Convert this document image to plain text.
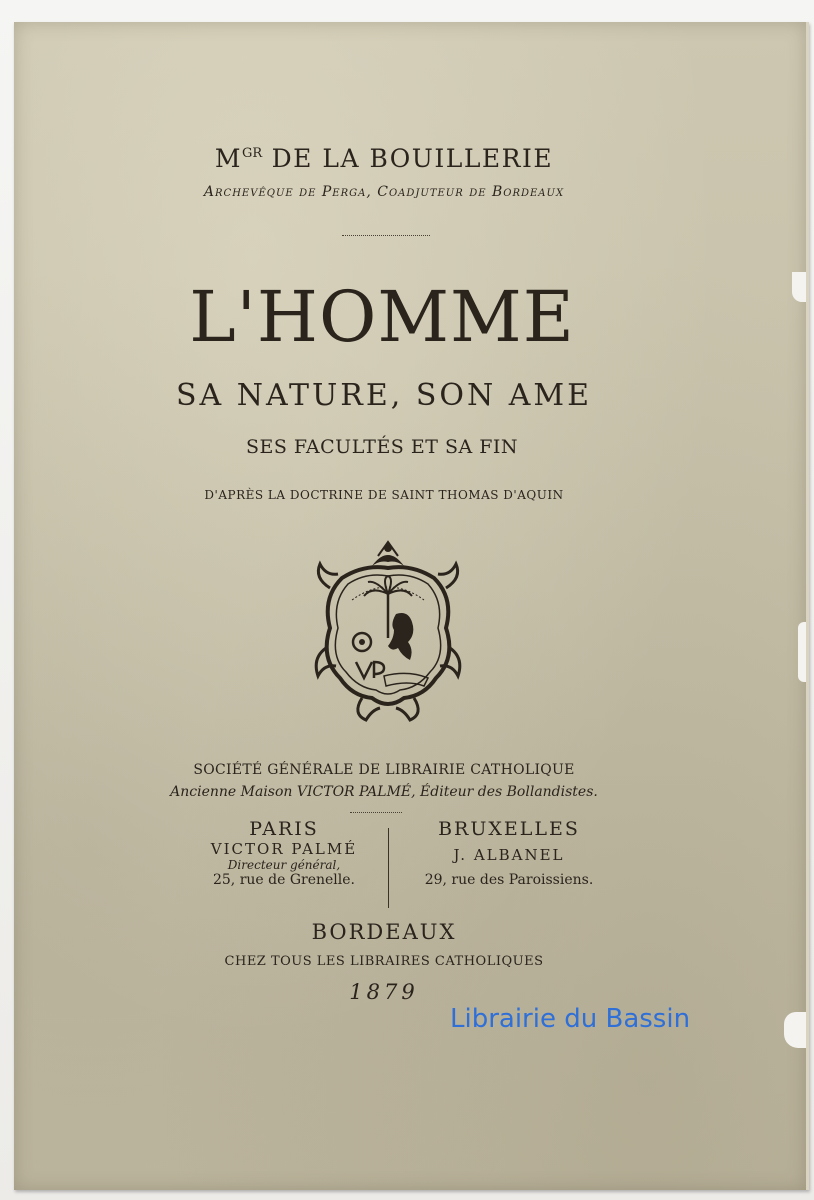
$M^{GR}$ DE LA BOUILLERIE
Archevêque de Perga, Coadjuteur de Bordeaux
L'HOMME
SA NATURE, SON AME
SES FACULTÉS ET SA FIN
D'APRÈS LA DOCTRINE DE SAINT THOMAS D'AQUIN
SOCIÉTÉ GÉNÉRALE DE LIBRAIRIE CATHOLIQUE
Ancienne Maison VICTOR PALMÉ, Éditeur des Bollandistes.
PARIS
VICTOR PALMÉ
Directeur général,
25, rue de Grenelle.
BRUXELLES
J. ALBANEL
29, rue des Paroissiens.
BORDEAUX
CHEZ TOUS LES LIBRAIRES CATHOLIQUES
1879
Librairie du Bassin
